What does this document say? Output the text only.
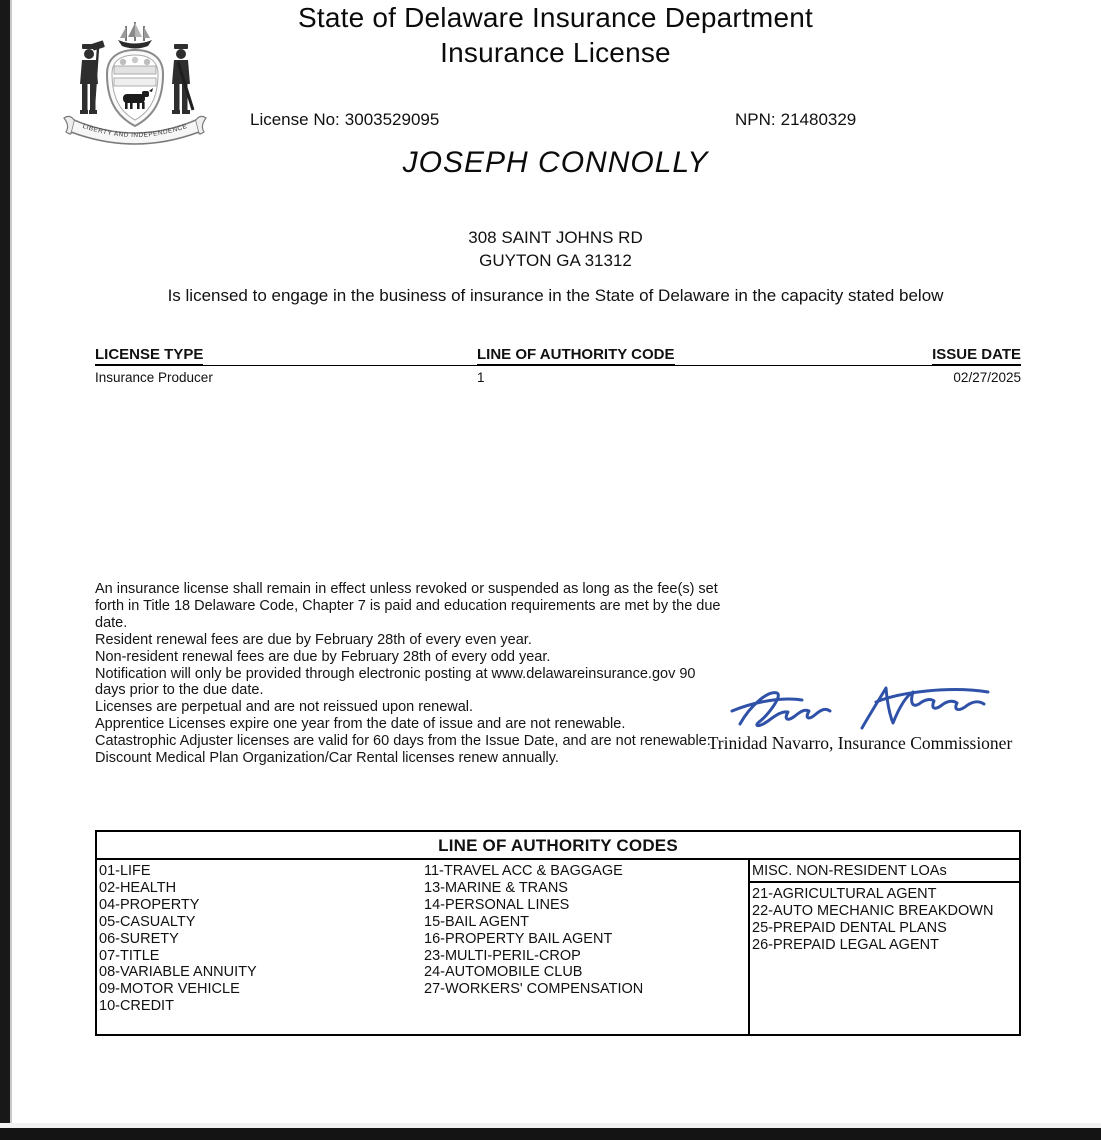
LIBERTY AND INDEPENDENCE
State of Delaware Insurance Department
Insurance License
License No: 3003529095	NPN: 21480329
JOSEPH CONNOLLY
308 SAINT JOHNS RD
GUYTON GA 31312
Is licensed to engage in the business of insurance in the State of Delaware in the capacity stated below
LICENSE TYPE	LINE OF AUTHORITY CODE	ISSUE DATE
Insurance Producer	1	02/27/2025
An insurance license shall remain in effect unless revoked or suspended as long as the fee(s) set forth in Title 18 Delaware Code, Chapter 7 is paid and education requirements are met by the due date.
Resident renewal fees are due by February 28th of every even year.
Non-resident renewal fees are due by February 28th of every odd year.
Notification will only be provided through electronic posting at www.delawareinsurance.gov 90 days prior to the due date.
Licenses are perpetual and are not reissued upon renewal.
Apprentice Licenses expire one year from the date of issue and are not renewable.
Catastrophic Adjuster licenses are valid for 60 days from the Issue Date, and are not renewable.
Discount Medical Plan Organization/Car Rental licenses renew annually.
Trinidad Navarro, Insurance Commissioner
LINE OF AUTHORITY CODES
01-LIFE
02-HEALTH
04-PROPERTY
05-CASUALTY
06-SURETY
07-TITLE
08-VARIABLE ANNUITY
09-MOTOR VEHICLE
10-CREDIT
11-TRAVEL ACC & BAGGAGE
13-MARINE & TRANS
14-PERSONAL LINES
15-BAIL AGENT
16-PROPERTY BAIL AGENT
23-MULTI-PERIL-CROP
24-AUTOMOBILE CLUB
27-WORKERS' COMPENSATION
MISC. NON-RESIDENT LOAs
21-AGRICULTURAL AGENT
22-AUTO MECHANIC BREAKDOWN
25-PREPAID DENTAL PLANS
26-PREPAID LEGAL AGENT
